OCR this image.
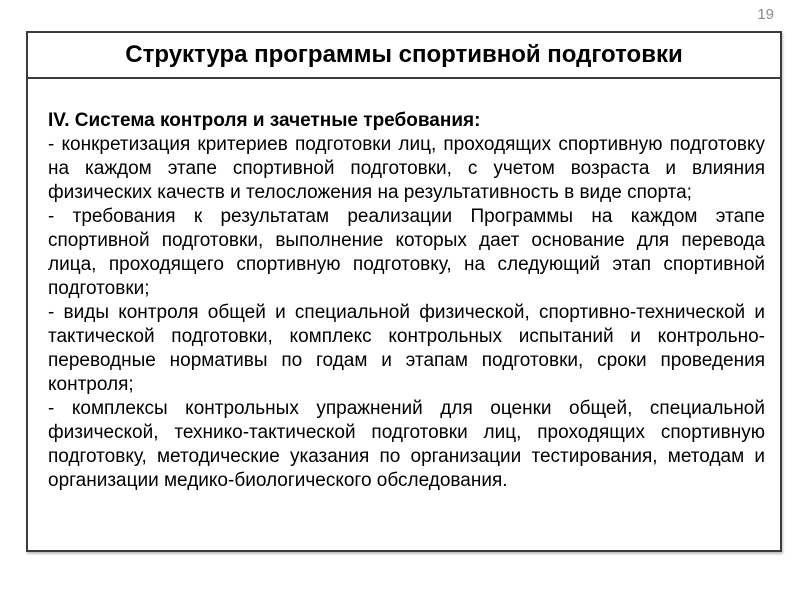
19
Структура программы спортивной подготовки

IV. Система контроля и зачетные требования:

- конкретизация критериев подготовки лиц, проходящих спортивную подготовку на каждом этапе спортивной подготовки, с учетом возраста и влияния физических качеств и телосложения на результативность в виде спорта;

- требования к результатам реализации Программы на каждом этапе спортивной подготовки, выполнение которых дает основание для перевода лица, проходящего спортивную подготовку, на следующий этап спортивной подготовки;

- виды контроля общей и специальной физической, спортивно-технической и тактической подготовки, комплекс контрольных испытаний и контрольно-переводные нормативы по годам и этапам подготовки, сроки проведения контроля;

- комплексы контрольных упражнений для оценки общей, специальной физической, технико-тактической подготовки лиц, проходящих спортивную подготовку, методические указания по организации тестирования, методам и организации медико-биологического обследования.
